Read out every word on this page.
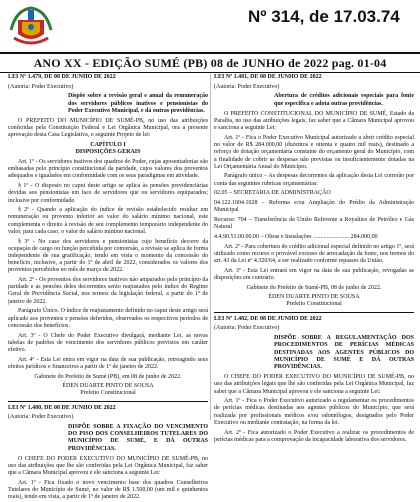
Nº 314, de 17.03.74
ANO XX - EDIÇÃO SUMÉ (PB) 08 de JUNHO de 2022 pag. 01-04
LEI Nº 1.479, DE 08 DE JUNHO DE 2022
(Autoria: Poder Executivo)
Dispõe sobre a revisão geral e anual da remuneração dos servidores públicos inativos e pensionistas do Poder Executivo Municipal, e dá outras providências.
O PREFEITO DO MUNICÍPIO DE SUMÉ-PB, no uso das atribuições conferidas pela Constituição Federal e Lei Orgânica Municipal, ora a presente aprovação desta Casa Legislativa, o seguinte Projeto de lei:
CAPÍTULO I
DISPOSIÇÕES GERAIS
Art. 1º - Os servidores inativos dos quadros do Poder, cujas aposentadorias são embasadas pelo princípio constitucional da paridade, cujos valores dos proventos adequados e igualados em conformidade com os seus paradigmas em atividade.
§ 1º - O disposto no caput deste artigo se aplica às pensões previdenciárias devidas aos pensionistas em face de servidores que ou servidores equiparados; inclusive por conformidade.
§ 2º - Quando a aplicação do índice de revisão estabelecido resultar em remuneração ou provento inferior ao valor do salário mínimo nacional, este complementa o direito à revisão de seu complemento temporário independente do valor, para cada caso, o valor do salário mínimo nacional.
§ 3º - No caso dos servidores e pensionistas cujo benefício decorre da ocupação de cargo ou função percebida por conversão, a revisão se aplica de forma independente de sua gratificação, tendo em vista o momento da concessão do benefício, inclusive, a partir do 1º de abril de 2022, considerados os valores dos proventos percebidos no mês de março de 2022.
Art. 2º - Os proventos dos servidores inativos não amparados pelo princípio da paridade e as pensões deles decorrentes serão reajustados pelo índice do Regime Geral de Previdência Social, nos termos da legislação federal, a partir do 1º de janeiro de 2022.
Parágrafo Único. O índice de reajustamento definido no caput deste artigo será aplicado aos proventos e pensões deferidos, observados os respectivos períodos de concessão dos benefícios.
Art. 3º - O Chefe do Poder Executivo divulgará, mediante Lei, as novas tabelas de padrões de vencimento dos servidores públicos previstos em caráter efetivo.
Art. 4º - Esta Lei entra em vigor na data de sua publicação, retroagindo seus efeitos jurídicos e financeiros a partir de 1º de janeiro de 2022.
Gabinete do Prefeito de Sumé (PB), em 08 de junho de 2022.
ÉDEN DUARTE PINTO DE SOUSA
Prefeito Constitucional
LEI Nº 1.480, DE 08 DE JUNHO DE 2022
(Autoria: Poder Executivo)
DISPÕE SOBRE A FIXAÇÃO DO VENCIMENTO DO PISO DOS CONSELHEIROS TUTELARES DO MUNICÍPIO DE SUMÉ, E DÁ OUTRAS PROVIDÊNCIAS.
O CHEFE DO PODER EXECUTIVO DO MUNICÍPIO DE SUMÉ-PB, no uso das atribuições que lhe são conferidas pela Lei Orgânica Municipal, faz saber que a Câmara Municipal aprovou e ele sanciona a seguinte Lei:
Art. 1º - Fica fixado o novo vencimento base dos quadros Conselheiros Tutelares do Município de Sumé, no valor de R$ 1.500,00 (um mil e quinhentos reais), tendo em vista, a partir de 1º de janeiro de 2022.
LEI Nº 1.481, DE 08 DE JUNHO DE 2022
(Autoria: Poder Executivo)
Abertura de créditos adicionais especiais para fonte que especifica e adota outras providências.
O PREFEITO CONSTITUCIONAL DO MUNICÍPIO DE SUMÉ, Estado da Paraíba, no uso das atribuições legais, faz saber que a Câmara Municipal aprovou e sanciona a seguinte Lei:
Art. 1º - Fica o Poder Executivo Municipal autorizado a abrir crédito especial no valor de R$ 284.000,00 (duzentos e oitenta e quatro mil reais), destinado a reforço de dotação orçamentária constante do orçamento geral do Município, com a finalidade de cobrir as despesas não previstas ou insuficientemente dotadas na Lei Orçamentária Anual do Município.
Parágrafo único – As despesas decorrentes da aplicação desta Lei correrão por conta das seguintes rubricas orçamentárias:
02.05 – SECRETARIA DE ADMINISTRAÇÃO
04.122.1004.1028 – Reforma e/ou Ampliação do Prédio da Administração Municipal
Recurso: 704 – Transferência da União Referente a Royalties de Petróleo e Gás Natural
4.4.90.51.00.00.00 – Obras e Instalações ........................ 284.000,00
Art. 2º - Para cobertura do crédito adicional especial definido no artigo 1º, será utilizado como recurso o provável excesso de arrecadação da fonte, nos termos do art. 43 da Lei nº 4.320/64, a ser realizado conforme repasses da União.
Art. 3º - Esta Lei entrará em vigor na data de sua publicação, revogadas as disposições em contrário.
Gabinete do Prefeito de Sumé-PB, 08 de junho de 2022.
ÉDEN DUARTE PINTO DE SOUSA
Prefeito Constitucional
LEI Nº 1.482, DE 08 DE JUNHO DE 2022
(Autoria: Poder Executivo)
DISPÕE SOBRE A REGULAMENTAÇÃO DOS PROCEDIMENTOS DE PERÍCIAS MÉDICAS DESTINADAS AOS AGENTES PÚBLICOS DO MUNICÍPIO DE SUMÉ E DÁ OUTRAS PROVIDÊNCIAS.
O CHEFE DO PODER EXECUTIVO DO MUNICÍPIO DE SUMÉ-PB, no uso das atribuições legais que lhe são conferidas pela Lei Orgânica Municipal, faz saber que a Câmara Municipal aprovou e ele sanciona a seguinte Lei:
Art. 1º - Fica o Poder Executivo autorizado a regulamentar os procedimentos de perícias médicas destinadas aos agentes públicos do Município, que será realizada por profissionais médicos e/ou odontólogos, designados pelo Poder Executivo ou mediante contratação, na forma da lei.
Art. 2º - Fica autorizado o Poder Executivo a realizar os procedimentos de perícias médicas para a comprovação da incapacidade laborativa dos servidores.
